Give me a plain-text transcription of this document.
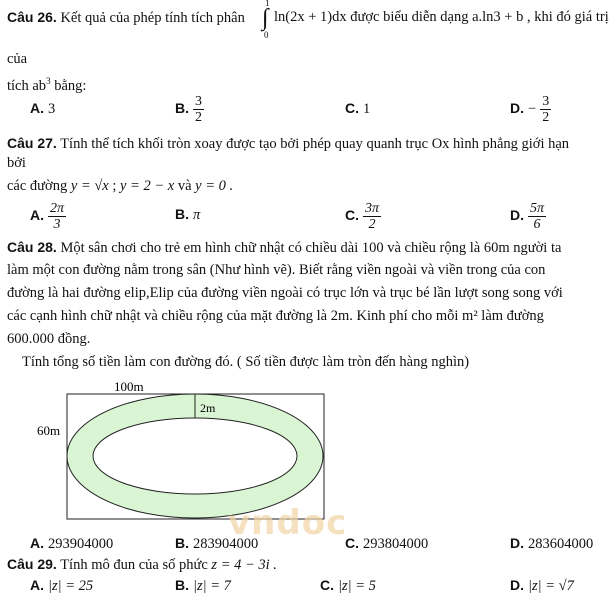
Câu 26. Kết quả của phép tính tích phân
1
∫
0
ln(2x + 1)dx được biểu diễn dạng a.ln3 + b , khi đó giá trị
của
tích $ab^3$ bằng:
A. 3	B. $\frac{3}{2}$	C. 1	D. − $\frac{3}{2}$
Câu 27. Tính thể tích khối tròn xoay được tạo bởi phép quay quanh trục Ox hình phẳng giới hạn
bởi
các đường y = √x ; y = 2 − x và y = 0 .
A. $\frac{2\pi}{3}$	B. π	C. $\frac{3\pi}{2}$	D. $\frac{5\pi}{6}$
Câu 28. Một sân chơi cho trẻ em hình chữ nhật có chiều dài 100 và chiều rộng là 60m người ta
làm một con đường nằm trong sân (Như hình vẽ). Biết rằng viền ngoài và viền trong của con
đường là hai đường elip,Elip của đường viền ngoài có trục lớn và trục bé lần lượt song song với
các cạnh hình chữ nhật và chiều rộng của mặt đường là 2m. Kinh phí cho mỗi m² làm đường
600.000 đồng.
Tính tổng số tiền làm con đường đó. ( Số tiền được làm tròn đến hàng nghìn)
100m
60m
2m
vndoc
A. 293904000	B. 283904000	C. 293804000	D. 283604000
Câu 29. Tính mô đun của số phức z = 4 − 3i .
A. |z| = 25	B. |z| = 7	C. |z| = 5	D. |z| = √7
